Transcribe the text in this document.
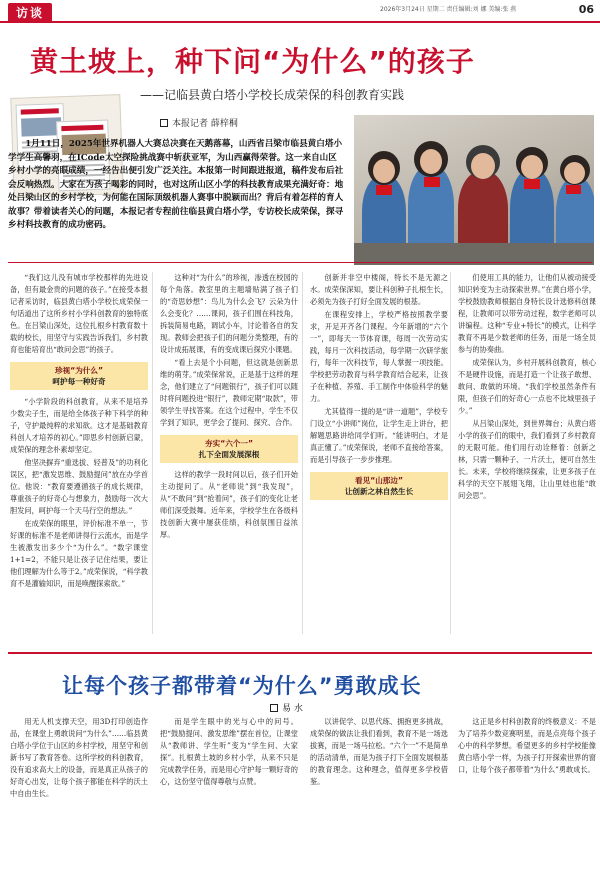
访谈	2026年3月24日 星期二 责任编辑:刘 娜 美编:张 燕	06
黄土坡上，种下问“为什么”的孩子
——记临县黄白塔小学校长成荣保的科创教育实践
本报记者 薛梓桐
1月11日，2025年世界机器人大赛总决赛在天鹅落幕，山西省吕梁市临县黄白塔小学学生高馨羽，在ICode太空探险挑战赛中斩获亚军，为山西赢得荣誉。这一来自山区乡村小学的亮眼成绩，一经告出便引发广泛关注。本报第一时间跟进报道，稿件发布后社会反响热烈。大家在为孩子喝彩的同时，也对这所山区小学的科技教育成果充满好奇：地处吕梁山区的乡村学校，为何能在国际顶级机器人赛事中脱颖而出？背后有着怎样的育人故事？带着读者关心的问题，本报记者专程前往临县黄白塔小学，专访校长成荣保，探寻乡村科技教育的成功密码。

“我们这儿没有城市学校那样的先进设备，但有最金贵的问题的孩子。”在接受本报记者采访时，临县黄白塔小学校长成荣保一句话道出了这所乡村小学科创教育的独特底色。在吕梁山深处，这位扎根乡村教育数十载的校长，用坚守与实践告诉我们，乡村教育也能培育出“敢问会思”的孩子。

珍视“为什么”
呵护每一种好奇

“小学阶段的科创教育，从来不是培养少数尖子生，而是给全体孩子种下科学的种子，守护最纯粹的求知欲。这才是基础教育科创人才培养的初心。”即思乡村创新启蒙，成荣保的理念朴素却坚定。

他坚决摒弃“重选拔、轻普及”的功利化误区，把“激发思维、鼓励提问”放在办学首位。他说：“教育要遵循孩子的成长规律，尊重孩子的好奇心与想象力，鼓励每一次大胆发问，呵护每一个天马行空的想法。”

在成荣保的眼里，评价标准不单一，节好课的标准不是老师讲得行云流水，而是学生被激发出多少个“为什么”。“数字课堂1+1=2，不能只是让孩子记住结果，要让他们理解为什么等于2。”成荣保说，“科学教育不是灌输知识，而是唤醒探索欲。”

这种对“为什么”的珍视，渗透在校园的每个角落。教室里的主题墙贴满了孩子们的“奇思妙想”：鸟儿为什么会飞？云朵为什么会变化？……课间，孩子们围在科技角，拆装简易电路，调试小车，讨论着各自的发现。教师会把孩子们的问题分类整理，有的设计成拓展课，有的变成课后探究小课题。

“看上去是个小问题，但这就是创新思维的萌芽。”成荣保常说，正是基于这样的理念，他们建立了“问题银行”，孩子们可以随时将问题投进“银行”，教师定期“取款”，带领学生寻找答案。在这个过程中，学生不仅学到了知识，更学会了提问、探究、合作。

夯实“六个一”
扎下全面发展深根

这样的教学一段时间以后，孩子们开始主动提问了。从“老师说”到“我发现”，从“不敢问”到“抢着问”，孩子们的变化让老师们深受鼓舞。近年来，学校学生在各级科技创新大赛中屡获佳绩，科创氛围日益浓厚。

创新并非空中楼阁，特长不是无源之水。成荣保深知，要让科创种子扎根生长，必须先为孩子打好全面发展的根基。

在课程安排上，学校严格按照教学要求，开足开齐各门课程。今年新增的“六个一”，即每天一节体育课，每周一次劳动实践，每月一次科技活动，每学期一次研学旅行，每年一次科技节，每人掌握一项技能。学校把劳动教育与科学教育结合起来，让孩子在种植、养殖、手工制作中体验科学的魅力。

尤其值得一提的是“讲一道题”，学校专门设立“小讲师”岗位，让学生走上讲台，把解题思路讲给同学们听。“能讲明白，才是真正懂了。”成荣保说，老师不直接给答案，而是引导孩子一步步推理。

看见“山那边”
让创新之林自然生长

们使用工具的能力，让他们从被动接受知识转变为主动探索世界。”在黄白塔小学，学校鼓励教师根据自身特长设计选修科创课程，让教师可以带劳动过程，数学老师可以讲编程。这种“专业+特长”的模式，让科学教育不再是少数老师的任务，而是一场全员参与的协奏曲。

成荣保认为，乡村开展科创教育，核心不是硬件设施，而是打造一个让孩子敢想、敢问、敢做的环境。“我们学校虽然条件有限，但孩子们的好奇心一点也不比城里孩子少。”

从吕梁山深处，到世界舞台；从黄白塔小学的孩子们的眼中，我们看到了乡村教育的无限可能。他们用行动诠释着：创新之林，只需一颗种子、一片沃土，便可自然生长。未来，学校将继续探索，让更多孩子在科学的天空下展翅飞翔，让山里娃也能“敢问会思”。

让每个孩子都带着“为什么”勇敢成长
易 水

用无人机支撑天空，用3D打印创造作品，在课堂上勇敢说问“为什么”……临县黄白塔小学位于山区的乡村学校，用坚守和创新书写了教育答卷。这所学校的科创教育，没有追求高大上的设备，而是真正从孩子的好奇心出发，让每个孩子都能在科学的沃土中自由生长。

而是学生眼中的光与心中的问号。把“鼓励提问、激发思维”摆在首位，让课堂从“教师讲、学生听”变为“学生问、大家探”。扎根黄土坡的乡村小学，从来不只是完成教学任务，而是用心守护每一颗好奇的心，这份坚守值得尊敬与点赞。

以讲促学、以思代练、拥抱更多挑战，成荣保的做法让我们看到，教育不是一场选拔赛，而是一场马拉松。“六个一”不是简单的活动清单，而是为孩子打下全面发展根基的教育理念。这种理念，值得更多学校借鉴。

这正是乡村科创教育的终极意义：不是为了培养少数竞赛明星，而是点亮每个孩子心中的科学梦想。希望更多的乡村学校能像黄白塔小学一样，为孩子打开探索世界的窗口，让每个孩子都带着“为什么”勇敢成长。
